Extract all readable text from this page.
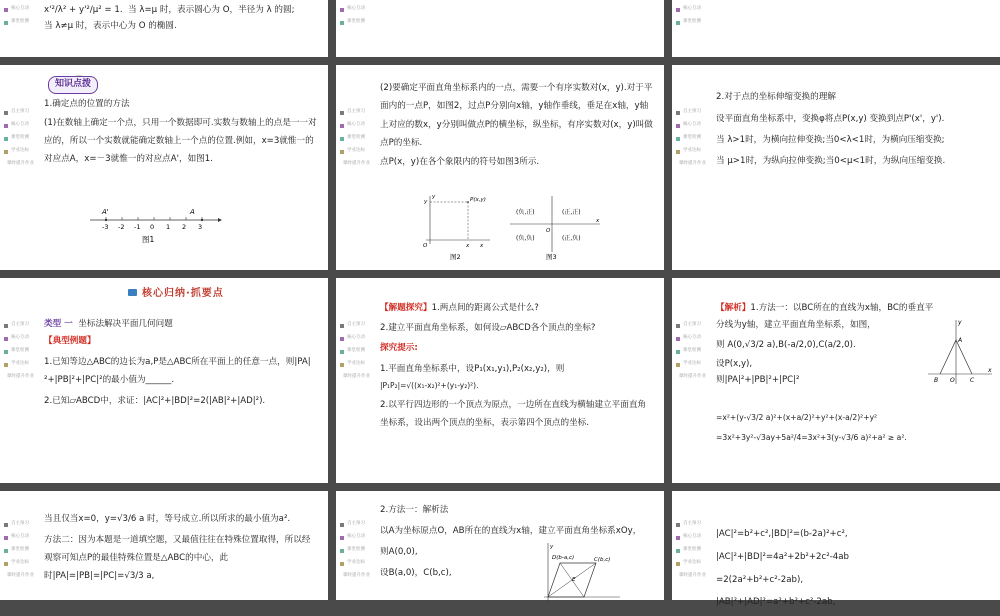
核心互动
课堂检测

x'²/λ² + y'²/μ² = 1. 当 λ=μ 时，表示圆心为 O，半径为 λ 的圆;

当 λ≠μ 时，表示中心为 O 的椭圆.

核心互动
课堂检测
核心互动
课堂检测
自主预习
核心互动
课堂检测
学业达标
课时提升作业
知识点拨

1.确定点的位置的方法

(1)在数轴上确定一个点，只用一个数据即可.实数与数轴上的点是一一对应的，所以一个实数就能确定数轴上一个点的位置.例如，x=3就惟一的对应点A，x=－3就惟一的对应点A'，如图1.

-3 -2 -1 0 1 2 3
A'	A
图1
自主预习
核心互动
课堂检测
学业达标
课时提升作业

(2)要确定平面直角坐标系内的一点，需要一个有序实数对(x，y).对于平面内的一点P，如图2，过点P分别向x轴，y轴作垂线，垂足在x轴，y轴上对应的数x，y分别叫做点P的横坐标，纵坐标，有序实数对(x，y)叫做点P的坐标.

点P(x，y)在各个象限内的符号如图3所示.

P(x,y)
y
x
O	x
y
图2
(负,正)	(正,正)
(负,负)	(正,负)
O
x
图3
自主预习
核心互动
课堂检测
学业达标
课时提升作业

2.对于点的坐标伸缩变换的理解

设平面直角坐标系中，变换φ将点P(x,y) 变换到点P'(x'，y').

当 λ>1时，为横向拉伸变换;当0<λ<1时，为横向压缩变换;

当 μ>1时，为纵向拉伸变换;当0<μ<1时，为纵向压缩变换.

自主预习
核心互动
课堂检测
学业达标
课时提升作业
核心归纳·抓要点

类型 一 坐标法解决平面几何问题

【典型例题】

1.已知等边△ABC的边长为a,P是△ABC所在平面上的任意一点，则|PA|²+|PB|²+|PC|²的最小值为______.

2.已知▱ABCD中，求证：|AC|²+|BD|²=2(|AB|²+|AD|²).

自主预习
核心互动
课堂检测
学业达标
课时提升作业

【解题探究】1.两点间的距离公式是什么?

2.建立平面直角坐标系，如何设▱ABCD各个顶点的坐标?

探究提示:

1.平面直角坐标系中，设P₁(x₁,y₁),P₂(x₂,y₂)，则

|P₁P₂|=√((x₁-x₂)²+(y₁-y₂)²).

2.以平行四边形的一个顶点为原点，一边所在直线为横轴建立平面直角坐标系，设出两个顶点的坐标，表示第四个顶点的坐标.

自主预习
核心互动
课堂检测
学业达标
课时提升作业

【解析】1.方法一：以BC所在的直线为x轴，BC的垂直平分线为y轴，建立平面直角坐标系，如图，

则 A(0,√3/2 a),B(-a/2,0),C(a/2,0).

设P(x,y),

则|PA|²+|PB|²+|PC|²

=x²+(y-√3/2 a)²+(x+a/2)²+y²+(x-a/2)²+y²

=3x²+3y²-√3ay+5a²/4=3x²+3(y-√3/6 a)²+a² ≥ a².

A
B O	C
x
y
自主预习
核心互动
课堂检测
学业达标
课时提升作业

当且仅当x=0，y=√3/6 a 时，等号成立.所以所求的最小值为a².

方法二：因为本题是一道填空题，又最值往往在特殊位置取得，所以经观察可知点P的最佳特殊位置是△ABC的中心，此时|PA|=|PB|=|PC|=√3/3 a,

自主预习
核心互动
课堂检测
学业达标
课时提升作业

2.方法一：解析法

以A为坐标原点O，AB所在的直线为x轴，建立平面直角坐标系xOy，

则A(0,0),

设B(a,0)，C(b,c),

y
D(b-a,c)	C(b,c)
E
自主预习
核心互动
课堂检测
学业达标
课时提升作业

|AC|²=b²+c²,|BD|²=(b-2a)²+c²,

|AC|²+|BD|²=4a²+2b²+2c²-4ab

=2(2a²+b²+c²-2ab),

|AB|²+|AD|²=a²+b²+c²-2ab,
